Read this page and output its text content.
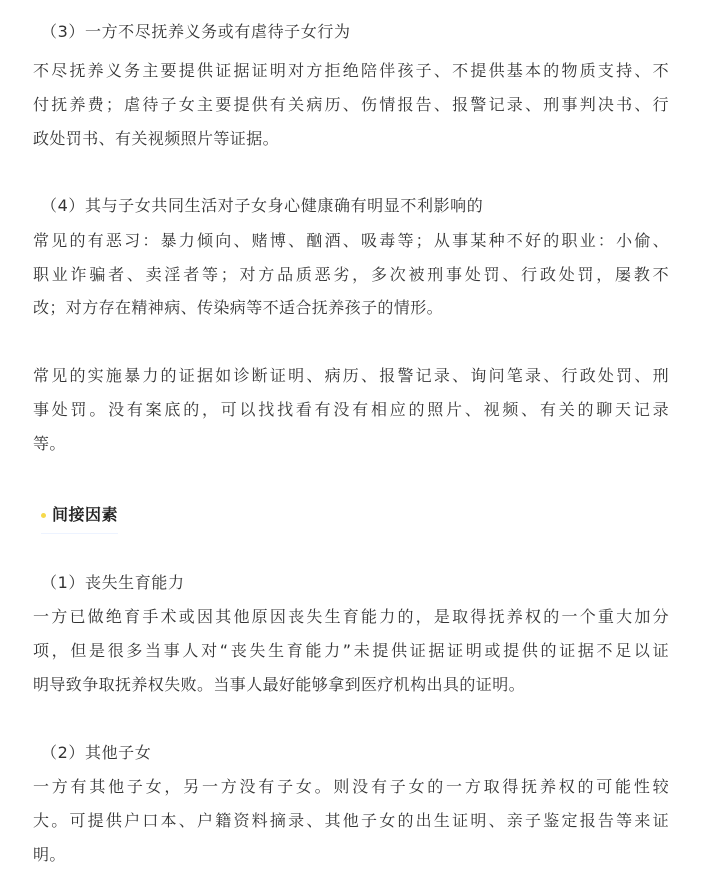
（3）一方不尽抚养义务或有虐待子女行为
不尽抚养义务主要提供证据证明对方拒绝陪伴孩子、不提供基本的物质支持、不
付抚养费；虐待子女主要提供有关病历、伤情报告、报警记录、刑事判决书、行
政处罚书、有关视频照片等证据。
（4）其与子女共同生活对子女身心健康确有明显不利影响的
常见的有恶习：暴力倾向、赌博、酗酒、吸毒等；从事某种不好的职业：小偷、
职业诈骗者、卖淫者等；对方品质恶劣，多次被刑事处罚、行政处罚，屡教不
改；对方存在精神病、传染病等不适合抚养孩子的情形。
常见的实施暴力的证据如诊断证明、病历、报警记录、询问笔录、行政处罚、刑
事处罚。没有案底的，可以找找看有没有相应的照片、视频、有关的聊天记录
等。
间接因素
（1）丧失生育能力
一方已做绝育手术或因其他原因丧失生育能力的，是取得抚养权的一个重大加分
项，但是很多当事人对“丧失生育能力”未提供证据证明或提供的证据不足以证
明导致争取抚养权失败。当事人最好能够拿到医疗机构出具的证明。
（2）其他子女
一方有其他子女，另一方没有子女。则没有子女的一方取得抚养权的可能性较
大。可提供户口本、户籍资料摘录、其他子女的出生证明、亲子鉴定报告等来证
明。
